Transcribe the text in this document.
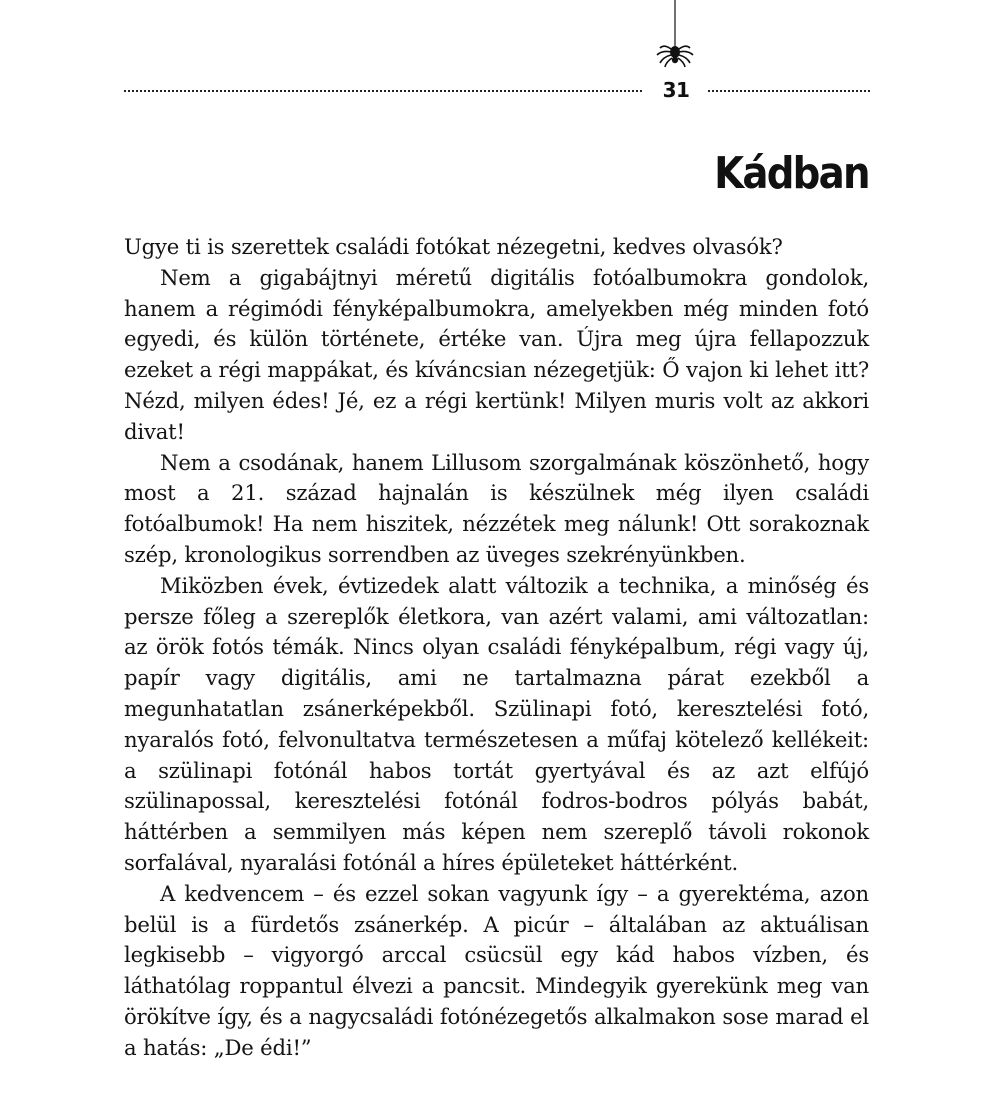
31
Kádban

Ugye ti is szerettek családi fotókat nézegetni, kedves olvasók?

Nem a gigabájtnyi méretű digitális fotóalbumokra gondolok, hanem a régimódi fényképalbumokra, amelyekben még minden fotó egyedi, és külön története, értéke van. Újra meg újra fellapozzuk ezeket a régi mappákat, és kíváncsian nézegetjük: Ő vajon ki lehet itt? Nézd, milyen édes! Jé, ez a régi kertünk! Milyen muris volt az akkori divat!

Nem a csodának, hanem Lillusom szorgalmának köszönhető, hogy most a 21. század hajnalán is készülnek még ilyen családi fotóalbumok! Ha nem hiszitek, nézzétek meg nálunk! Ott sorakoznak szép, kronologikus sorrendben az üveges szekrényünkben.

Miközben évek, évtizedek alatt változik a technika, a minőség és persze főleg a szereplők életkora, van azért valami, ami változatlan: az örök fotós témák. Nincs olyan családi fényképalbum, régi vagy új, papír vagy digitális, ami ne tartalmazna párat ezekből a megunhatatlan zsánerképekből. Szülinapi fotó, keresztelési fotó, nyaralós fotó, felvonultatva természetesen a műfaj kötelező kellékeit: a szülinapi fotónál habos tortát gyertyával és az azt elfújó szülinapossal, keresztelési fotónál fodros-bodros pólyás babát, háttérben a semmilyen más képen nem szereplő távoli rokonok sorfalával, nyaralási fotónál a híres épületeket háttérként.

A kedvencem – és ezzel sokan vagyunk így – a gyerektéma, azon belül is a fürdetős zsánerkép. A picúr – általában az aktuálisan legkisebb – vigyorgó arccal csücsül egy kád habos vízben, és láthatólag roppantul élvezi a pancsit. Mindegyik gyerekünk meg van örökítve így, és a nagycsaládi fotónézegetős alkalmakon sose marad el a hatás: „De édi!”
